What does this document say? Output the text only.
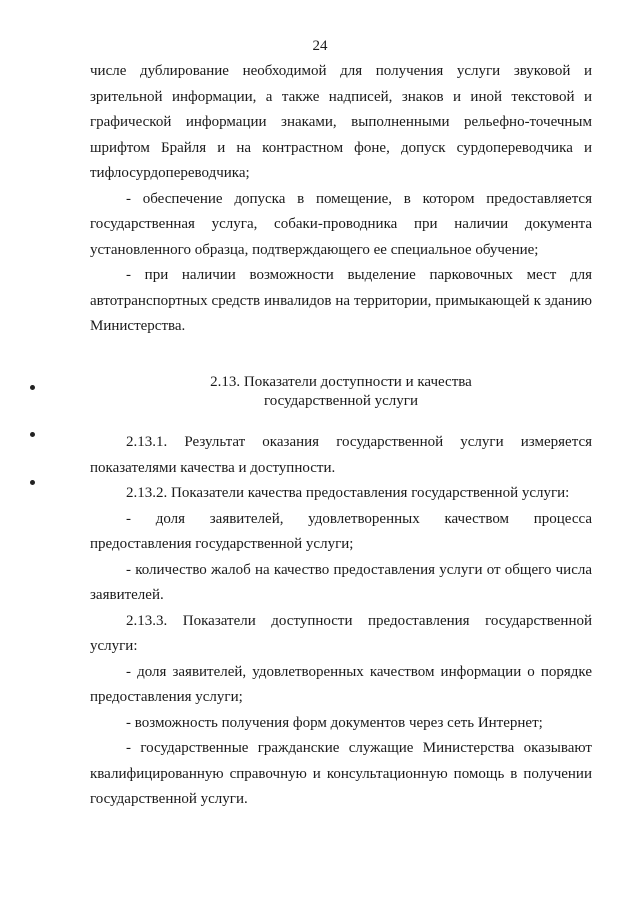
24

числе дублирование необходимой для получения услуги звуковой и зрительной информации, а также надписей, знаков и иной текстовой и графической информации знаками, выполненными рельефно-точечным шрифтом Брайля и на контрастном фоне, допуск сурдопереводчика и тифлосурдопереводчика;

- обеспечение допуска в помещение, в котором предоставляется государственная услуга, собаки-проводника при наличии документа установленного образца, подтверждающего ее специальное обучение;

- при наличии возможности выделение парковочных мест для автотранспортных средств инвалидов на территории, примыкающей к зданию Министерства.

2.13. Показатели доступности и качества
государственной услуги

2.13.1. Результат оказания государственной услуги измеряется показателями качества и доступности.

2.13.2. Показатели качества предоставления государственной услуги:

- доля заявителей, удовлетворенных качеством процесса предоставления государственной услуги;

- количество жалоб на качество предоставления услуги от общего числа заявителей.

2.13.3. Показатели доступности предоставления государственной услуги:

- доля заявителей, удовлетворенных качеством информации о порядке предоставления услуги;

- возможность получения форм документов через сеть Интернет;

- государственные гражданские служащие Министерства оказывают квалифицированную справочную и консультационную помощь в получении государственной услуги.
